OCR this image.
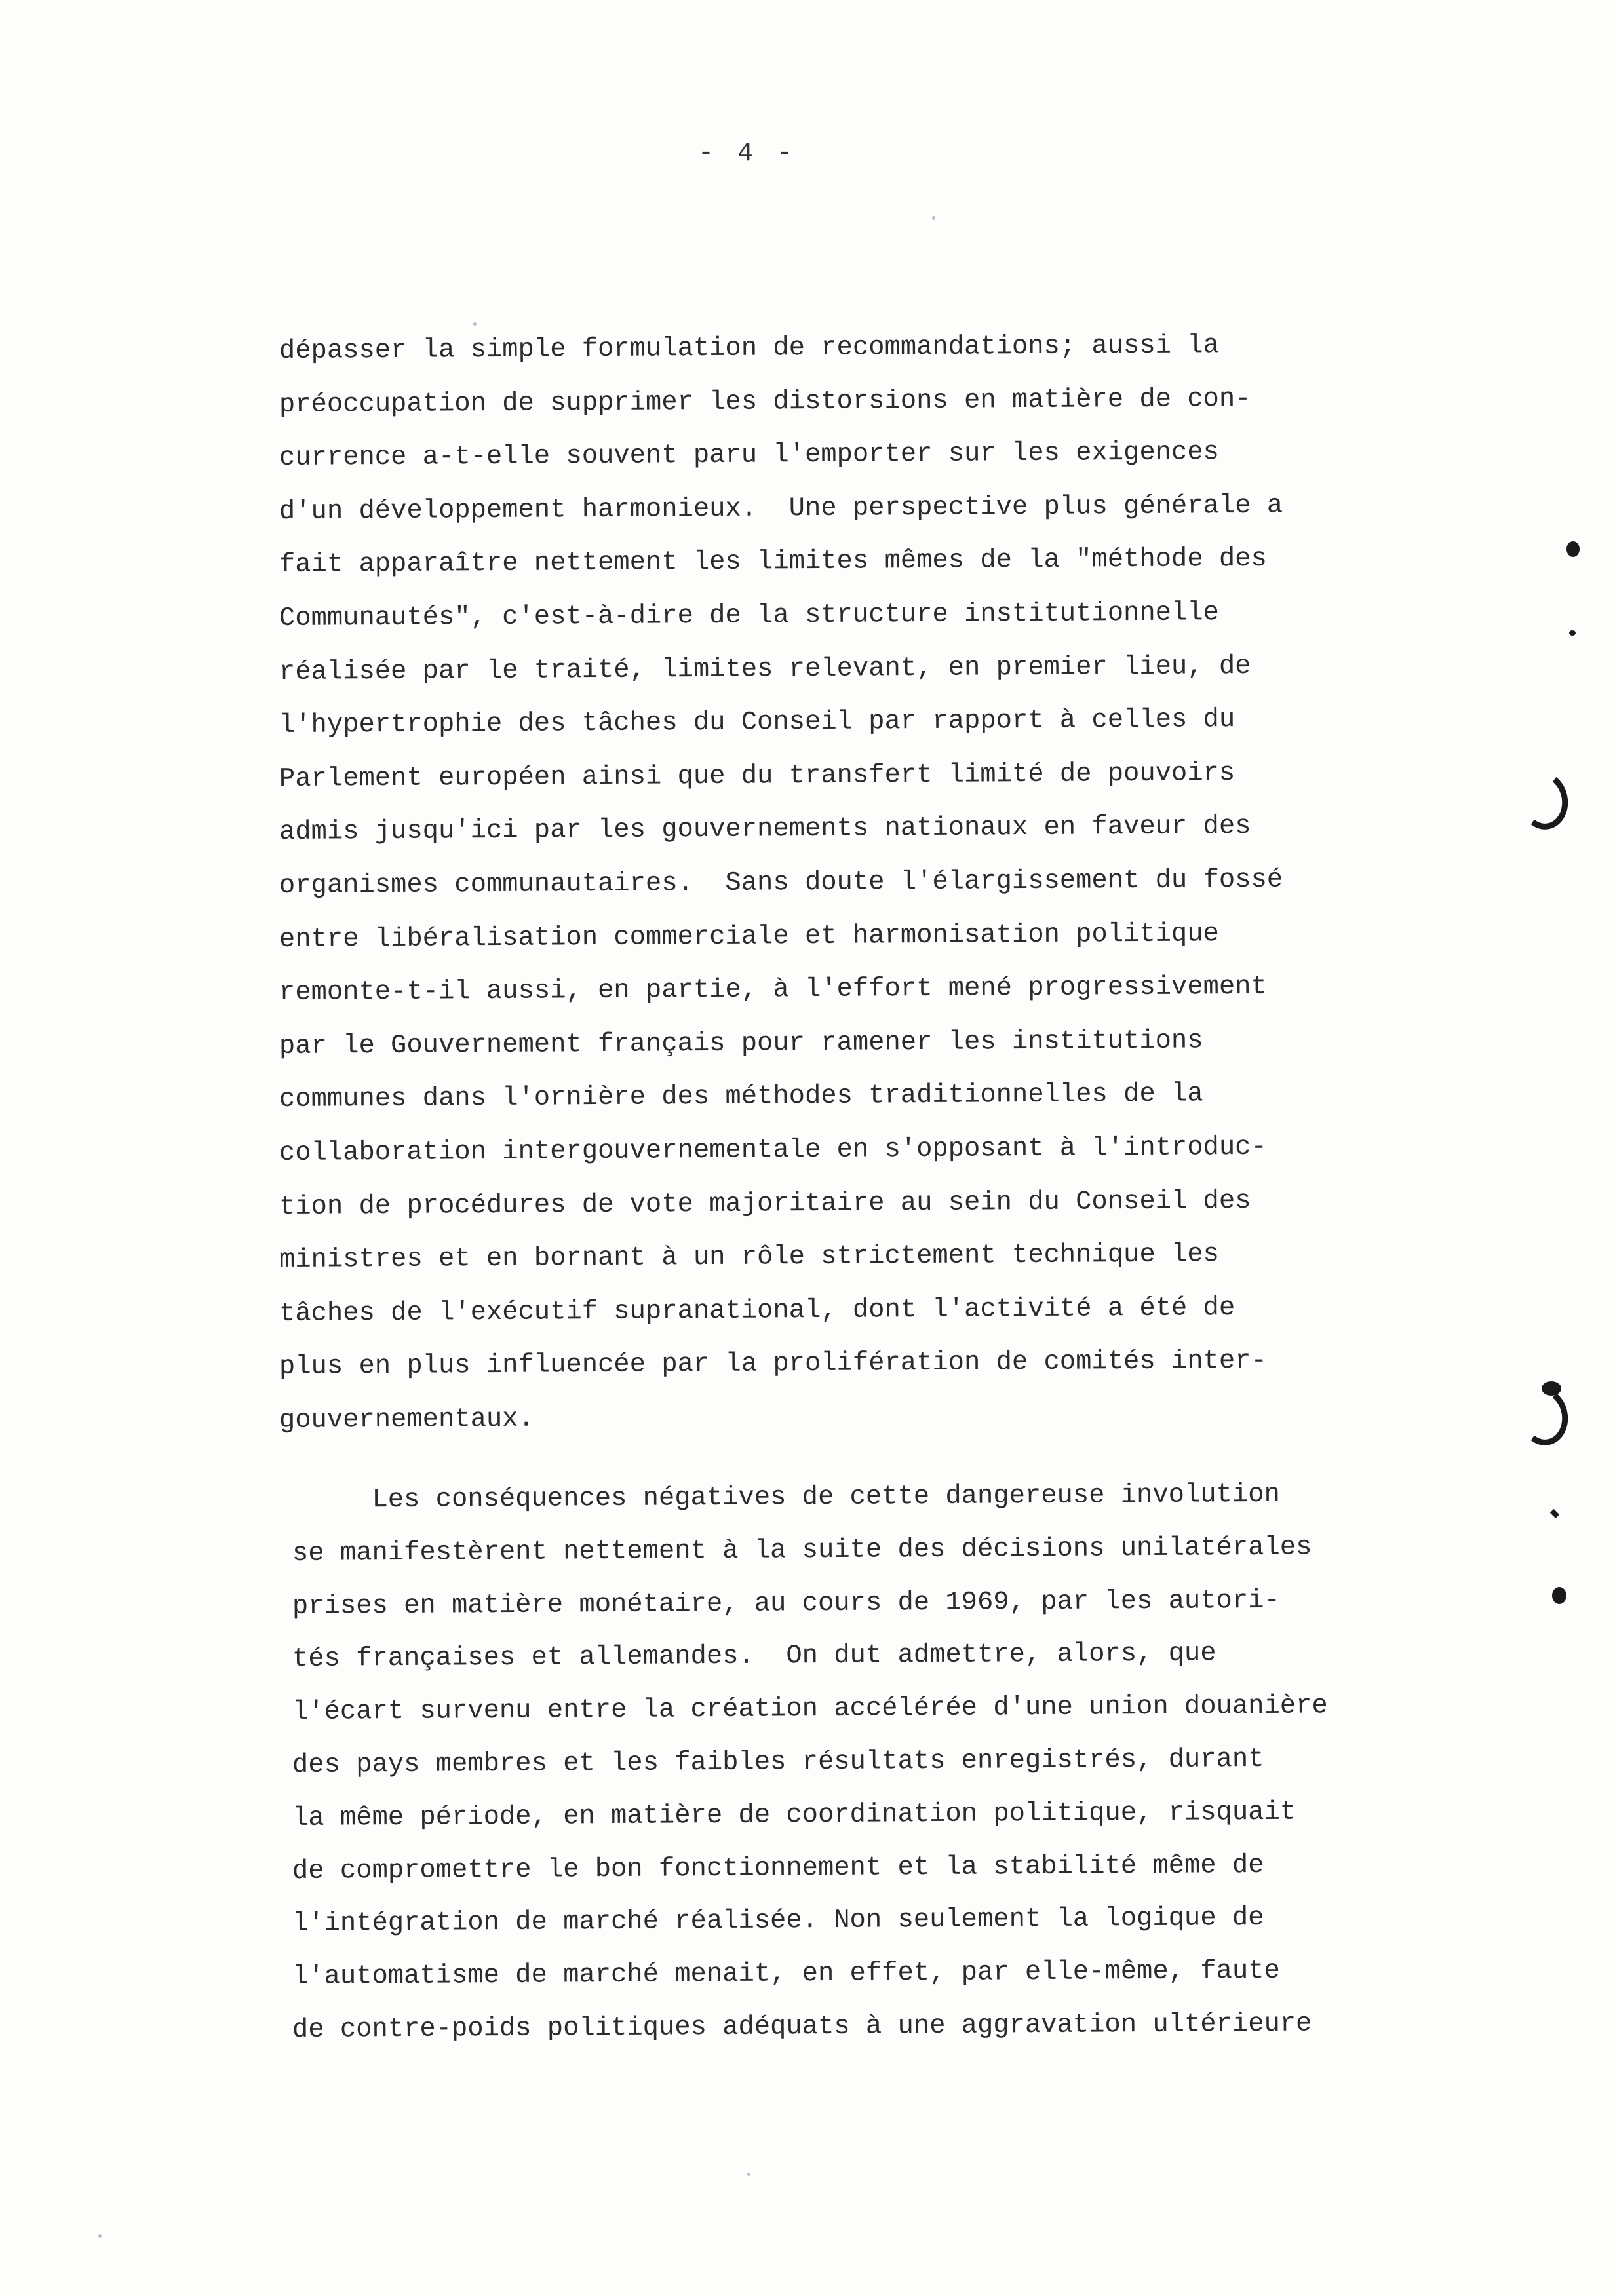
- 4 -
dépasser la simple formulation de recommandations; aussi la
préoccupation de supprimer les distorsions en matière de con-
currence a-t-elle souvent paru l'emporter sur les exigences
d'un développement harmonieux.  Une perspective plus générale a
fait apparaître nettement les limites mêmes de la "méthode des
Communautés", c'est-à-dire de la structure institutionnelle
réalisée par le traité, limites relevant, en premier lieu, de
l'hypertrophie des tâches du Conseil par rapport à celles du
Parlement européen ainsi que du transfert limité de pouvoirs
admis jusqu'ici par les gouvernements nationaux en faveur des
organismes communautaires.  Sans doute l'élargissement du fossé
entre libéralisation commerciale et harmonisation politique
remonte-t-il aussi, en partie, à l'effort mené progressivement
par le Gouvernement français pour ramener les institutions
communes dans l'ornière des méthodes traditionnelles de la
collaboration intergouvernementale en s'opposant à l'introduc-
tion de procédures de vote majoritaire au sein du Conseil des
ministres et en bornant à un rôle strictement technique les
tâches de l'exécutif supranational, dont l'activité a été de
plus en plus influencée par la prolifération de comités inter-
gouvernementaux.
Les conséquences négatives de cette dangereuse involution
se manifestèrent nettement à la suite des décisions unilatérales
prises en matière monétaire, au cours de 1969, par les autori-
tés françaises et allemandes.  On dut admettre, alors, que
l'écart survenu entre la création accélérée d'une union douanière
des pays membres et les faibles résultats enregistrés, durant
la même période, en matière de coordination politique, risquait
de compromettre le bon fonctionnement et la stabilité même de
l'intégration de marché réalisée. Non seulement la logique de
l'automatisme de marché menait, en effet, par elle-même, faute
de contre-poids politiques adéquats à une aggravation ultérieure
